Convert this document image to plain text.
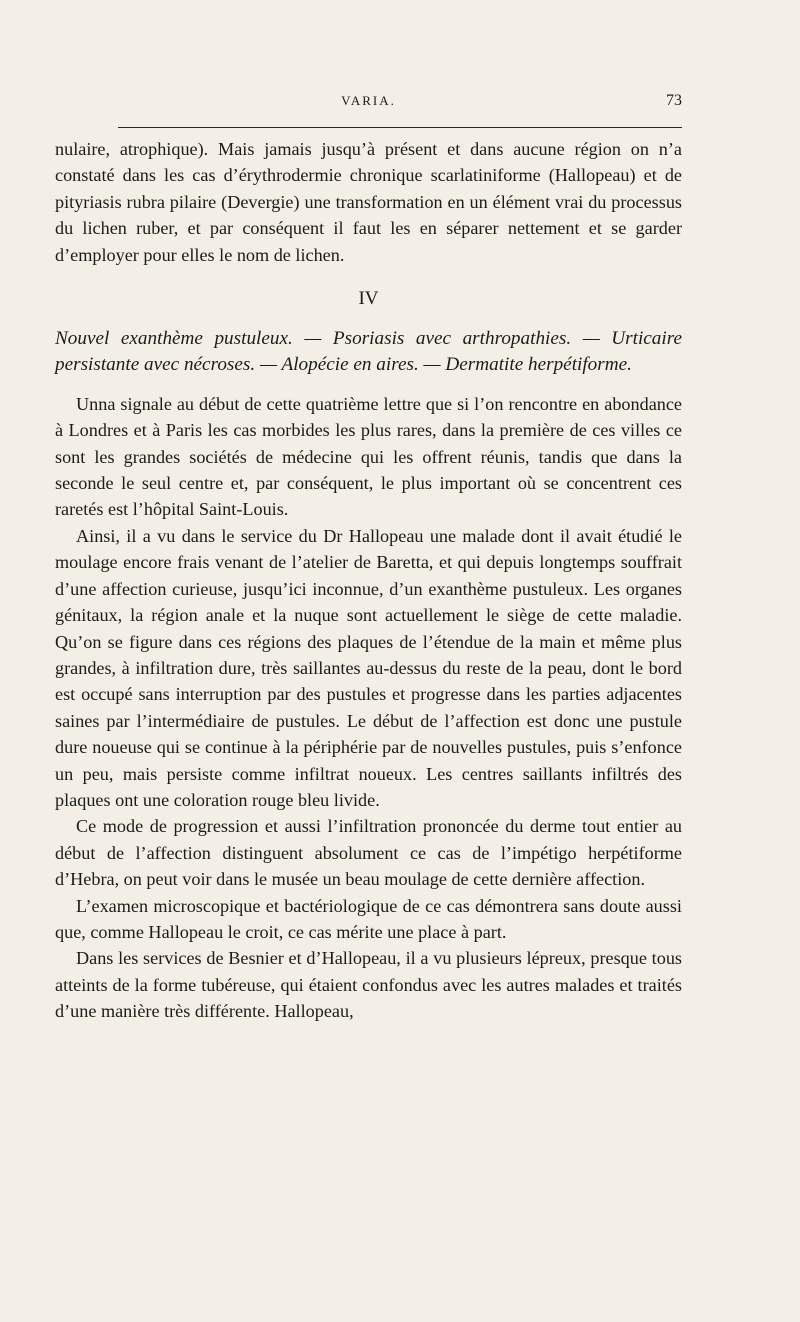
VARIA.	73

nulaire, atrophique). Mais jamais jusqu’à présent et dans aucune région on n’a constaté dans les cas d’érythrodermie chronique scarlatiniforme (Hallopeau) et de pityriasis rubra pilaire (Devergie) une transformation en un élément vrai du processus du lichen ruber, et par conséquent il faut les en séparer nettement et se garder d’employer pour elles le nom de lichen.

IV

Nouvel exanthème pustuleux. — Psoriasis avec arthropathies. — Urticaire persistante avec nécroses. — Alopécie en aires. — Dermatite herpétiforme.

Unna signale au début de cette quatrième lettre que si l’on rencontre en abondance à Londres et à Paris les cas morbides les plus rares, dans la première de ces villes ce sont les grandes sociétés de médecine qui les offrent réunis, tandis que dans la seconde le seul centre et, par conséquent, le plus important où se concentrent ces raretés est l’hôpital Saint-Louis.

Ainsi, il a vu dans le service du Dr Hallopeau une malade dont il avait étudié le moulage encore frais venant de l’atelier de Baretta, et qui depuis longtemps souffrait d’une affection curieuse, jusqu’ici inconnue, d’un exanthème pustuleux. Les organes génitaux, la région anale et la nuque sont actuellement le siège de cette maladie. Qu’on se figure dans ces régions des plaques de l’étendue de la main et même plus grandes, à infiltration dure, très saillantes au-dessus du reste de la peau, dont le bord est occupé sans interruption par des pustules et progresse dans les parties adjacentes saines par l’intermédiaire de pustules. Le début de l’affection est donc une pustule dure noueuse qui se continue à la périphérie par de nouvelles pustules, puis s’enfonce un peu, mais persiste comme infiltrat noueux. Les centres saillants infiltrés des plaques ont une coloration rouge bleu livide.

Ce mode de progression et aussi l’infiltration prononcée du derme tout entier au début de l’affection distinguent absolument ce cas de l’impétigo herpétiforme d’Hebra, on peut voir dans le musée un beau moulage de cette dernière affection.

L’examen microscopique et bactériologique de ce cas démontrera sans doute aussi que, comme Hallopeau le croit, ce cas mérite une place à part.

Dans les services de Besnier et d’Hallopeau, il a vu plusieurs lépreux, presque tous atteints de la forme tubéreuse, qui étaient confondus avec les autres malades et traités d’une manière très différente. Hallopeau,
